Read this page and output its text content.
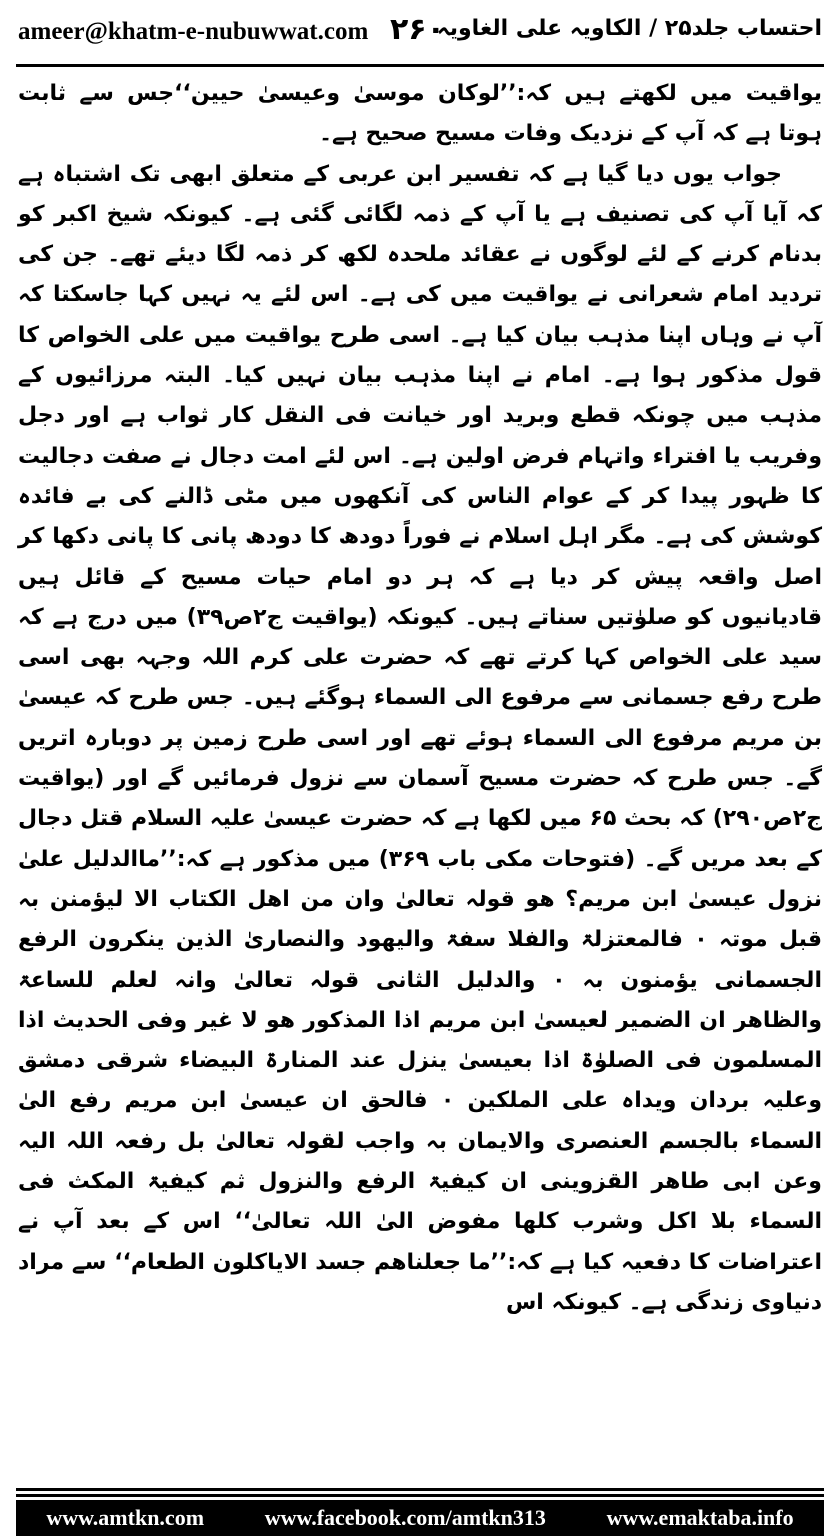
ameer@khatm-e-nubuwwat.com ۲۶۰
احتساب جلد۲۵ / الکاویہ علی الغاویہ

یواقیت میں لکھتے ہیں کہ:’’لوکان موسیٰ وعیسیٰ حیین‘‘جس سے ثابت ہوتا ہے کہ آپ کے نزدیک وفات مسیح صحیح ہے۔

جواب یوں دیا گیا ہے کہ تفسیر ابن عربی کے متعلق ابھی تک اشتباہ ہے کہ آیا آپ کی تصنیف ہے یا آپ کے ذمہ لگائی گئی ہے۔ کیونکہ شیخ اکبر کو بدنام کرنے کے لئے لوگوں نے عقائد ملحدہ لکھ کر ذمہ لگا دیئے تھے۔ جن کی تردید امام شعرانی نے یواقیت میں کی ہے۔ اس لئے یہ نہیں کہا جاسکتا کہ آپ نے وہاں اپنا مذہب بیان کیا ہے۔ اسی طرح یواقیت میں علی الخواص کا قول مذکور ہوا ہے۔ امام نے اپنا مذہب بیان نہیں کیا۔ البتہ مرزائیوں کے مذہب میں چونکہ قطع وبرید اور خیانت فی النقل کار ثواب ہے اور دجل وفریب یا افتراء واتہام فرض اولین ہے۔ اس لئے امت دجال نے صفت دجالیت کا ظہور پیدا کر کے عوام الناس کی آنکھوں میں مٹی ڈالنے کی بے فائدہ کوشش کی ہے۔ مگر اہل اسلام نے فوراً دودھ کا دودھ پانی کا پانی دکھا کر اصل واقعہ پیش کر دیا ہے کہ ہر دو امام حیات مسیح کے قائل ہیں قادیانیوں کو صلوٰتیں سناتے ہیں۔ کیونکہ (یواقیت ج۲ص۳۹) میں درج ہے کہ سید علی الخواص کہا کرتے تھے کہ حضرت علی کرم اللہ وجہہ بھی اسی طرح رفع جسمانی سے مرفوع الی السماء ہوگئے ہیں۔ جس طرح کہ عیسیٰ بن مریم مرفوع الی السماء ہوئے تھے اور اسی طرح زمین پر دوبارہ اتریں گے۔ جس طرح کہ حضرت مسیح آسمان سے نزول فرمائیں گے اور (یواقیت ج۲ص۲۹۰) کہ بحث ۶۵ میں لکھا ہے کہ حضرت عیسیٰ علیہ السلام قتل دجال کے بعد مریں گے۔ (فتوحات مکی باب ۳۶۹) میں مذکور ہے کہ:’’ماالدلیل علیٰ نزول عیسیٰ ابن مریم؟ ھو قولہ تعالیٰ وان من اھل الکتاب الا لیؤمنن بہ قبل موتہ ۰ فالمعتزلۃ والفلا سفۃ والیھود والنصاریٰ الذین ینکرون الرفع الجسمانی یؤمنون بہ ۰ والدلیل الثانی قولہ تعالیٰ وانہ لعلم للساعۃ والظاھر ان الضمیر لعیسیٰ ابن مریم اذا المذکور ھو لا غیر وفی الحدیث اذا المسلمون فی الصلوٰۃ اذا بعیسیٰ ینزل عند المنارۃ البیضاء شرقی دمشق وعلیہ بردان ویداہ علی الملکین ۰ فالحق ان عیسیٰ ابن مریم رفع الیٰ السماء بالجسم العنصری والایمان بہ واجب لقولہ تعالیٰ بل رفعہ اللہ الیہ وعن ابی طاھر القزوینی ان کیفیۃ الرفع والنزول ثم کیفیۃ المکث فی السماء بلا اکل وشرب کلھا مفوض الیٰ اللہ تعالیٰ‘‘ اس کے بعد آپ نے اعتراضات کا دفعیہ کیا ہے کہ:’’ما جعلناھم جسد الایاکلون الطعام‘‘ سے مراد دنیاوی زندگی ہے۔ کیونکہ اس

www.amtkn.com	www.facebook.com/amtkn313	www.emaktaba.info
